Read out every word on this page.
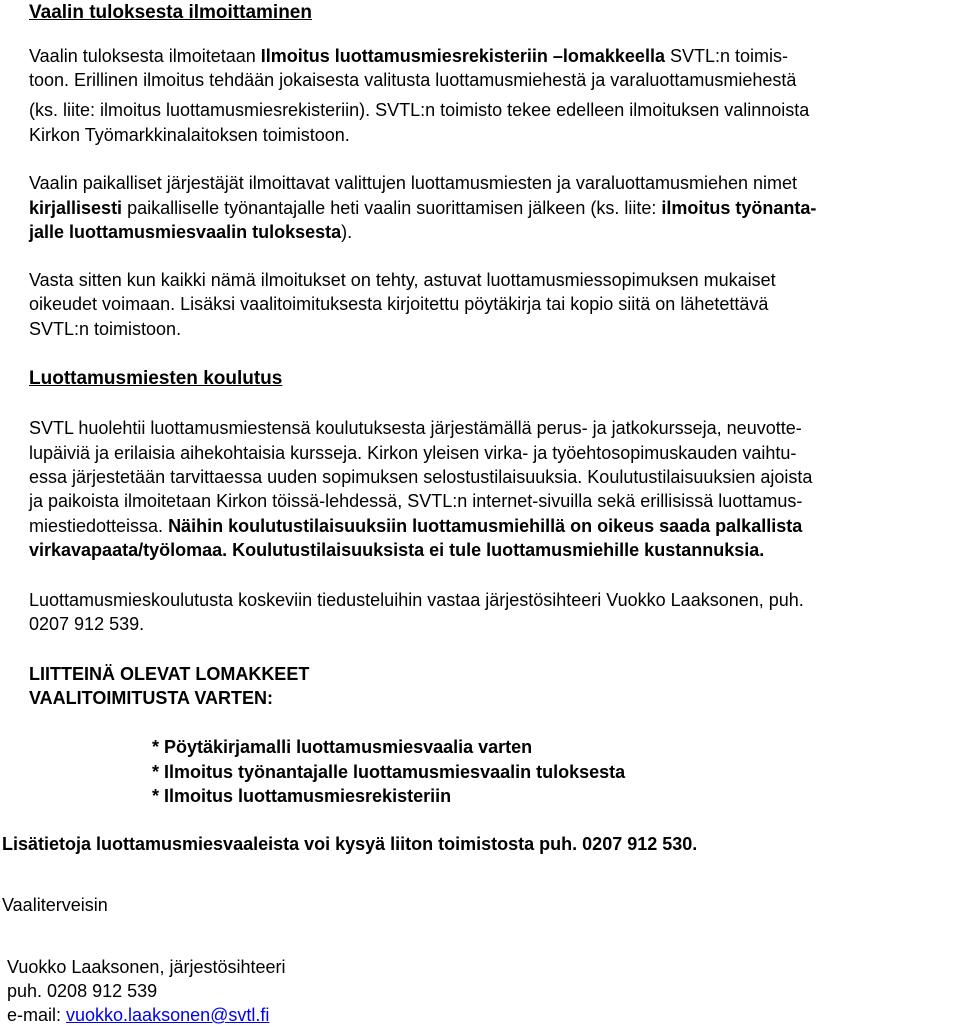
Vaalin tuloksesta ilmoittaminen
Vaalin tuloksesta ilmoitetaan Ilmoitus luottamusmiesrekisteriin –lomakkeella SVTL:n toimis-
toon. Erillinen ilmoitus tehdään jokaisesta valitusta luottamusmiehestä ja varaluottamusmiehestä
(ks. liite: ilmoitus luottamusmiesrekisteriin). SVTL:n toimisto tekee edelleen ilmoituksen valinnoista
Kirkon Työmarkkinalaitoksen toimistoon.
Vaalin paikalliset järjestäjät ilmoittavat valittujen luottamusmiesten ja varaluottamusmiehen nimet
kirjallisesti paikalliselle työnantajalle heti vaalin suorittamisen jälkeen (ks. liite: ilmoitus työnanta-
jalle luottamusmiesvaalin tuloksesta).
Vasta sitten kun kaikki nämä ilmoitukset on tehty, astuvat luottamusmiessopimuksen mukaiset
oikeudet voimaan. Lisäksi vaalitoimituksesta kirjoitettu pöytäkirja tai kopio siitä on lähetettävä
SVTL:n toimistoon.
Luottamusmiesten koulutus
SVTL huolehtii luottamusmiestensä koulutuksesta järjestämällä perus- ja jatkokursseja, neuvotte-
lupäiviä ja erilaisia aihekohtaisia kursseja. Kirkon yleisen virka- ja työehtosopimuskauden vaihtu-
essa järjestetään tarvittaessa uuden sopimuksen selostustilaisuuksia. Koulutustilaisuuksien ajoista
ja paikoista ilmoitetaan Kirkon töissä-lehdessä, SVTL:n internet-sivuilla sekä erillisissä luottamus-
miestiedotteissa. Näihin koulutustilaisuuksiin luottamusmiehillä on oikeus saada palkallista
virkavapaata/työlomaa. Koulutustilaisuuksista ei tule luottamusmiehille kustannuksia.
Luottamusmieskoulutusta koskeviin tiedusteluihin vastaa järjestösihteeri Vuokko Laaksonen, puh.
0207 912 539.
LIITTEINÄ OLEVAT LOMAKKEET
VAALITOIMITUSTA VARTEN:
* Pöytäkirjamalli luottamusmiesvaalia varten
* Ilmoitus työnantajalle luottamusmiesvaalin tuloksesta
* Ilmoitus luottamusmiesrekisteriin
Lisätietoja luottamusmiesvaaleista voi kysyä liiton toimistosta puh. 0207 912 530.
Vaaliterveisin
Vuokko Laaksonen, järjestösihteeri
puh. 0208 912 539
e-mail: vuokko.laaksonen@svtl.fi
